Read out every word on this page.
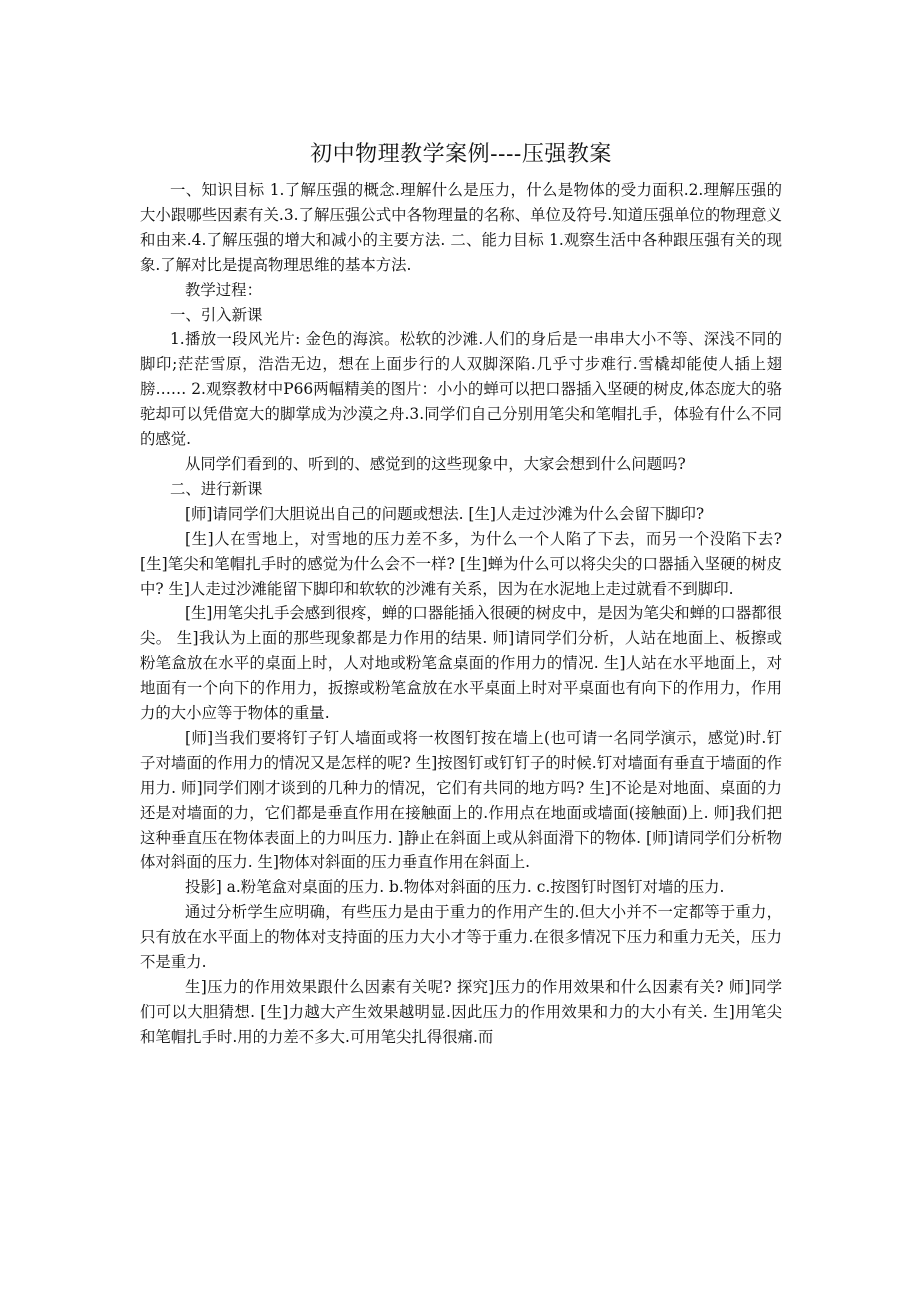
初中物理教学案例----压强教案

一、知识目标 1.了解压强的概念.理解什么是压力，什么是物体的受力面积.2.理解压强的大小跟哪些因素有关.3.了解压强公式中各物理量的名称、单位及符号.知道压强单位的物理意义和由来.4.了解压强的增大和减小的主要方法. 二、能力目标 1.观察生活中各种跟压强有关的现象.了解对比是提高物理思维的基本方法.

教学过程：

一、引入新课

1.播放一段风光片: 金色的海滨。松软的沙滩.人们的身后是一串串大小不等、深浅不同的脚印;茫茫雪原，浩浩无边，想在上面步行的人双脚深陷.几乎寸步难行.雪橇却能使人插上翅膀…… 2.观察教材中P66两幅精美的图片：小小的蝉可以把口器插入坚硬的树皮,体态庞大的骆驼却可以凭借宽大的脚掌成为沙漠之舟.3.同学们自己分别用笔尖和笔帽扎手，体验有什么不同的感觉.

从同学们看到的、听到的、感觉到的这些现象中，大家会想到什么问题吗?

二、进行新课

[师]请同学们大胆说出自己的问题或想法. [生]人走过沙滩为什么会留下脚印?

[生]人在雪地上，对雪地的压力差不多，为什么一个人陷了下去，而另一个没陷下去? [生]笔尖和笔帽扎手时的感觉为什么会不一样? [生]蝉为什么可以将尖尖的口器插入坚硬的树皮中? 生]人走过沙滩能留下脚印和软软的沙滩有关系，因为在水泥地上走过就看不到脚印.

[生]用笔尖扎手会感到很疼，蝉的口器能插入很硬的树皮中，是因为笔尖和蝉的口器都很尖。 生]我认为上面的那些现象都是力作用的结果. 师]请同学们分析，人站在地面上、板擦或粉笔盒放在水平的桌面上时，人对地或粉笔盒桌面的作用力的情况. 生]人站在水平地面上，对地面有一个向下的作用力，扳擦或粉笔盒放在水平桌面上时对平桌面也有向下的作用力，作用力的大小应等于物体的重量.

[师]当我们要将钉子钉人墙面或将一枚图钉按在墙上(也可请一名同学演示，感觉)时.钉子对墙面的作用力的情况又是怎样的呢? 生]按图钉或钉钉子的时候.钉对墙面有垂直于墙面的作用力. 师]同学们刚才谈到的几种力的情况，它们有共同的地方吗? 生]不论是对地面、桌面的力还是对墙面的力，它们都是垂直作用在接触面上的.作用点在地面或墙面(接触面)上. 师]我们把这种垂直压在物体表面上的力叫压力. ]静止在斜面上或从斜面滑下的物体. [师]请同学们分析物体对斜面的压力. 生]物体对斜面的压力垂直作用在斜面上.

投影] a.粉笔盒对桌面的压力. b.物体对斜面的压力. c.按图钉时图钉对墙的压力.

通过分析学生应明确，有些压力是由于重力的作用产生的.但大小并不一定都等于重力，只有放在水平面上的物体对支持面的压力大小才等于重力.在很多情况下压力和重力无关，压力不是重力.

生]压力的作用效果跟什么因素有关呢? 探究]压力的作用效果和什么因素有关? 师]同学们可以大胆猜想. [生]力越大产生效果越明显.因此压力的作用效果和力的大小有关. 生]用笔尖和笔帽扎手时.用的力差不多大.可用笔尖扎得很痛.而
